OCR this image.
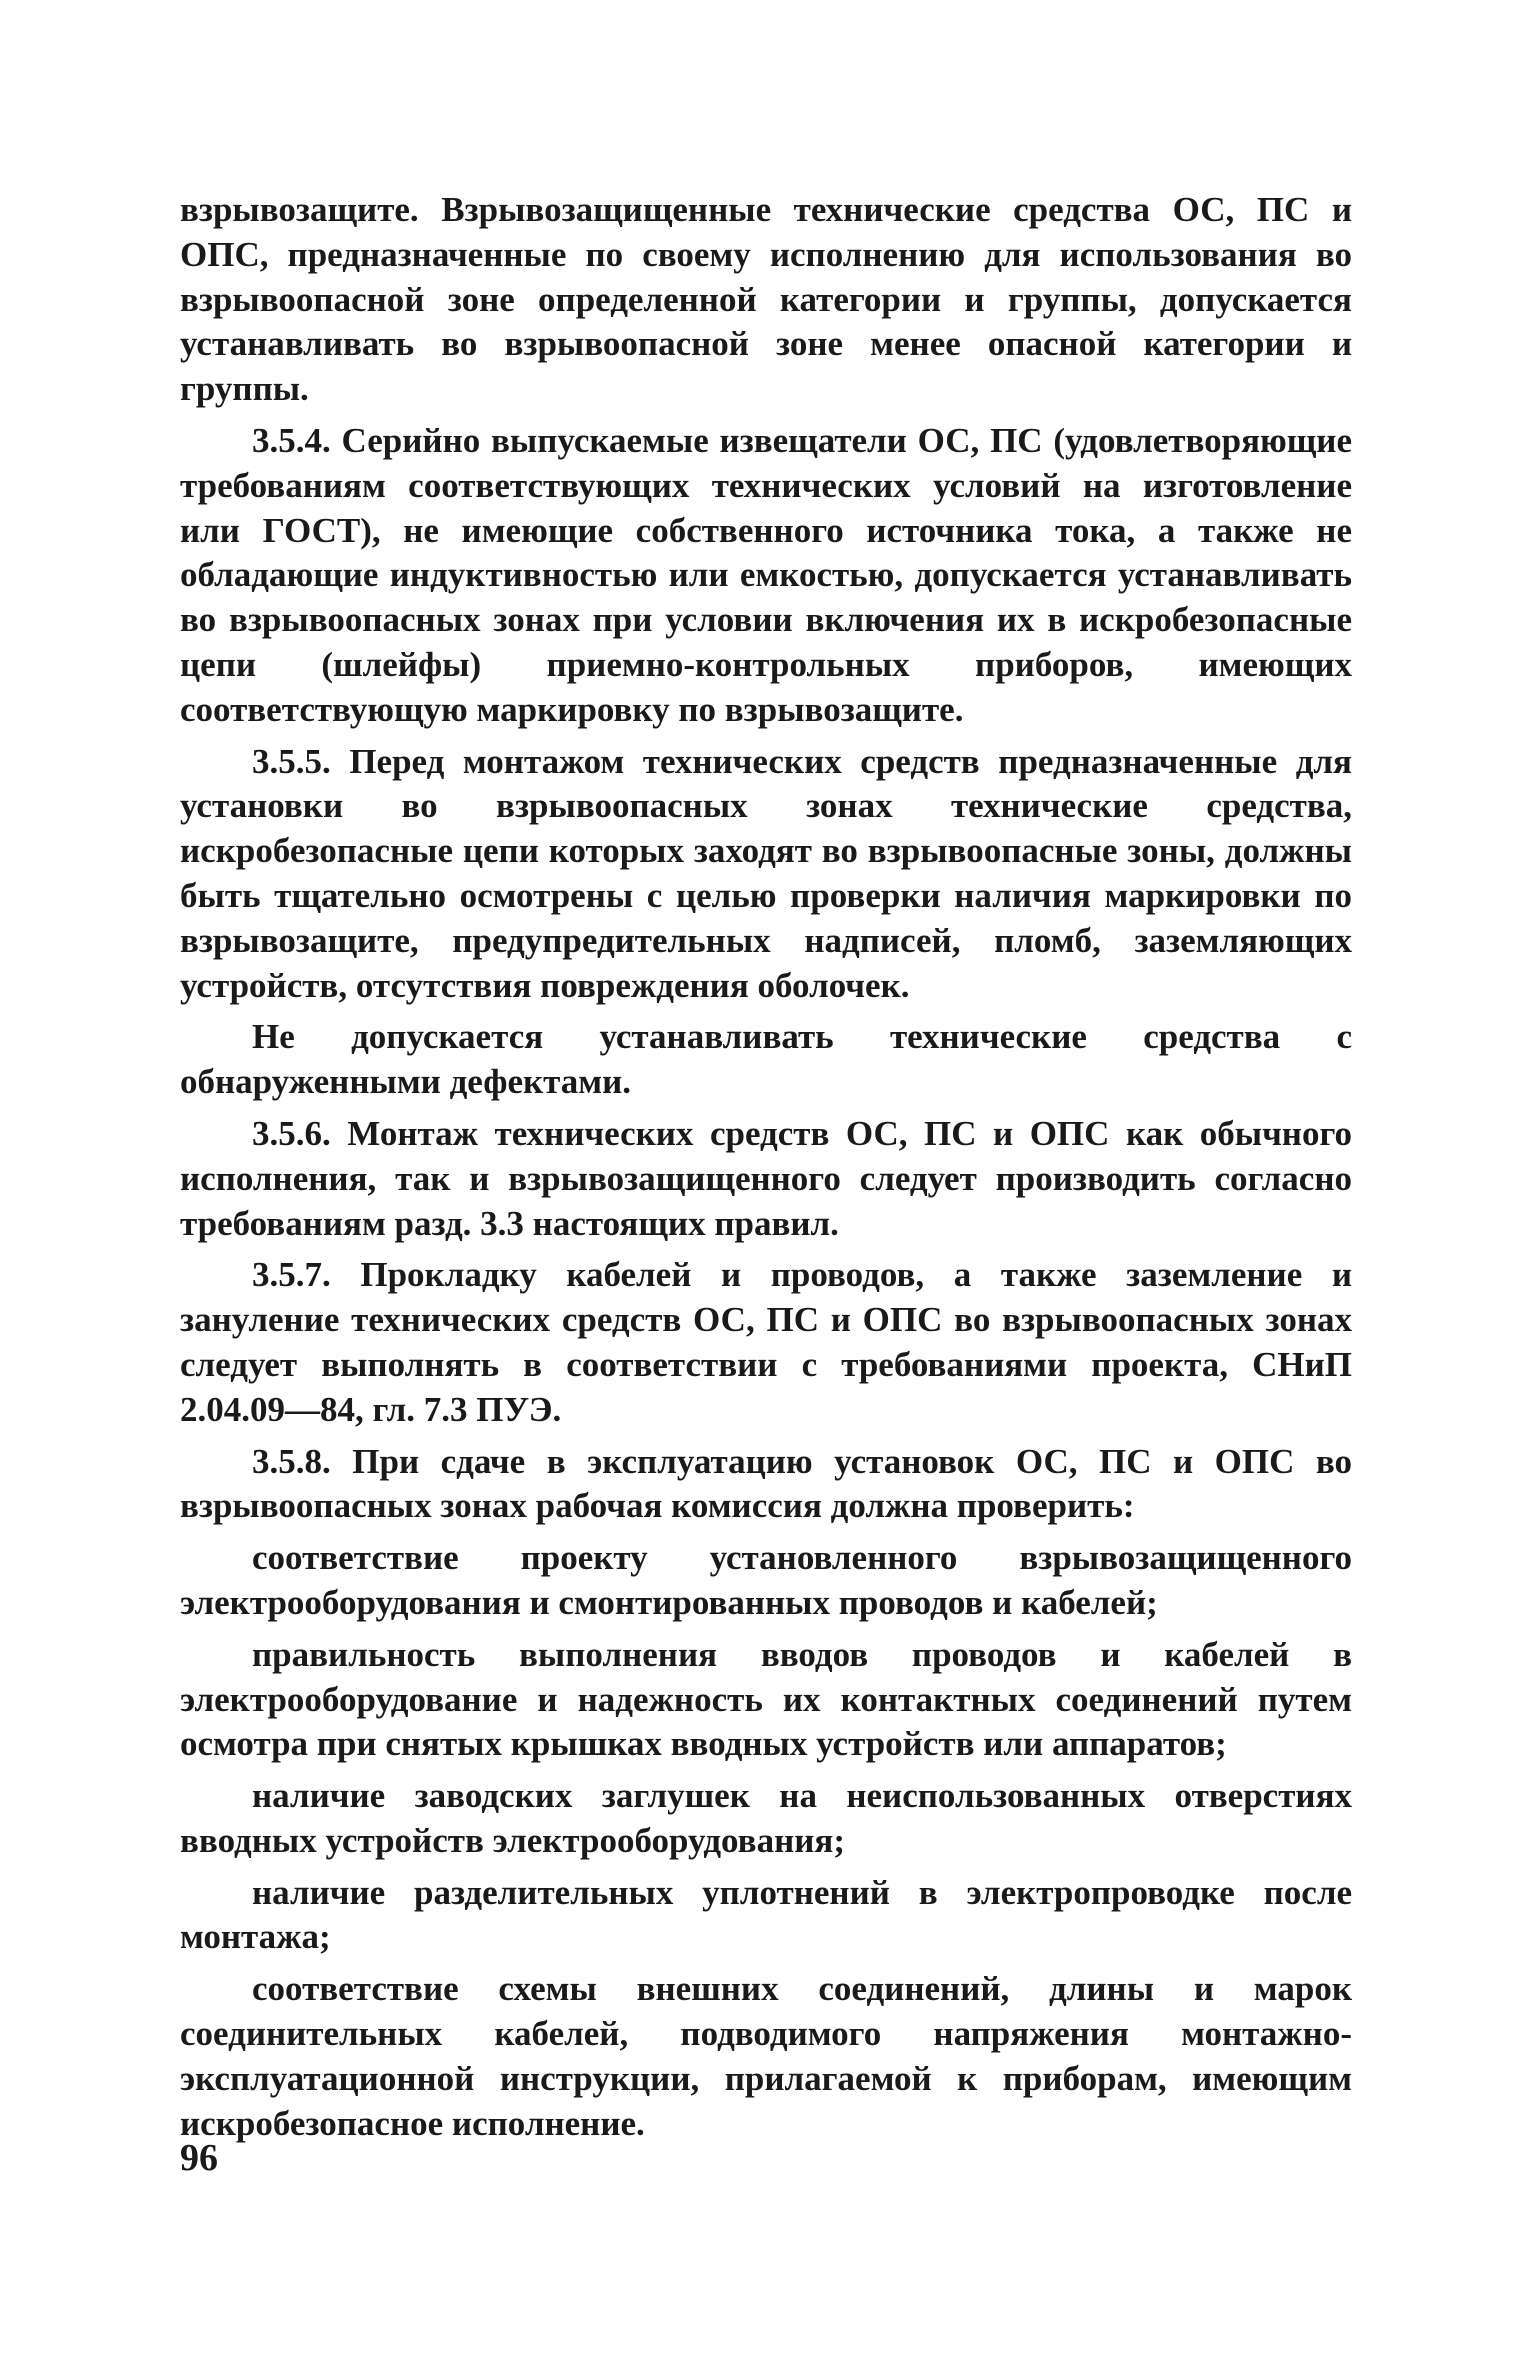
взрывозащите. Взрывозащищенные технические средства ОС, ПС и ОПС, предназначенные по своему исполнению для использования во взрывоопасной зоне определенной категории и группы, допускается устанавливать во взрывоопасной зоне менее опасной категории и группы.

3.5.4. Серийно выпускаемые извещатели ОС, ПС (удовлетворяющие требованиям соответствующих технических условий на изготовление или ГОСТ), не имеющие собственного источника тока, а также не обладающие индуктивностью или емкостью, допускается устанавливать во взрывоопасных зонах при условии включения их в искробезопасные цепи (шлейфы) приемно-контрольных приборов, имеющих соответствующую маркировку по взрывозащите.

3.5.5. Перед монтажом технических средств предназначенные для установки во взрывоопасных зонах технические средства, искробезопасные цепи которых заходят во взрывоопасные зоны, должны быть тщательно осмотрены с целью проверки наличия маркировки по взрывозащите, предупредительных надписей, пломб, заземляющих устройств, отсутствия повреждения оболочек.

Не допускается устанавливать технические средства с обнаруженными дефектами.

3.5.6. Монтаж технических средств ОС, ПС и ОПС как обычного исполнения, так и взрывозащищенного следует производить согласно требованиям разд. 3.3 настоящих правил.

3.5.7. Прокладку кабелей и проводов, а также заземление и зануление технических средств ОС, ПС и ОПС во взрывоопасных зонах следует выполнять в соответствии с требованиями проекта, СНиП 2.04.09—84, гл. 7.3 ПУЭ.

3.5.8. При сдаче в эксплуатацию установок ОС, ПС и ОПС во взрывоопасных зонах рабочая комиссия должна проверить:

соответствие проекту установленного взрывозащищенного электрооборудования и смонтированных проводов и кабелей;

правильность выполнения вводов проводов и кабелей в электрооборудование и надежность их контактных соединений путем осмотра при снятых крышках вводных устройств или аппаратов;

наличие заводских заглушек на неиспользованных отверстиях вводных устройств электрооборудования;

наличие разделительных уплотнений в электропроводке после монтажа;

соответствие схемы внешних соединений, длины и марок соединительных кабелей, подводимого напряжения монтажно-эксплуатационной инструкции, прилагаемой к приборам, имеющим искробезопасное исполнение.

96
